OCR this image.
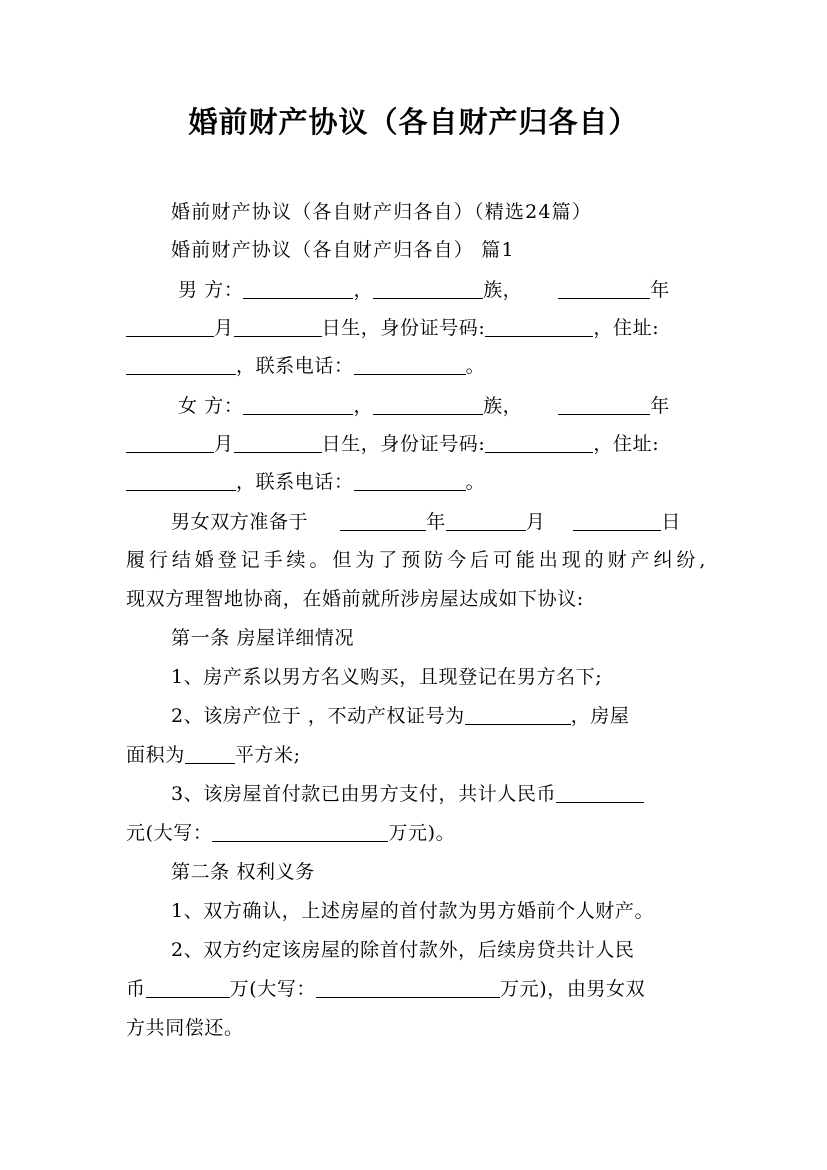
婚前财产协议（各自财产归各自）
婚前财产协议（各自财产归各自）（精选24篇）
婚前财产协议（各自财产归各自） 篇1
男 方：	，	族，	年
月	日生，身份证号码:	，住址:
，联系电话：	。
女 方：	，	族，	年
月	日生，身份证号码:	，住址:
，联系电话：	。
男女双方准备于	年	月	日
履行结婚登记手续。但为了预防今后可能出现的财产纠纷,
现双方理智地协商，在婚前就所涉房屋达成如下协议:
第一条 房屋详细情况
1、房产系以男方名义购买，且现登记在男方名下;
2、该房产位于 ，不动产权证号为	，房屋
面积为	平方米;
3、该房屋首付款已由男方支付，共计人民币
元(大写：	万元)。
第二条 权利义务
1、双方确认，上述房屋的首付款为男方婚前个人财产。
2、双方约定该房屋的除首付款外，后续房贷共计人民
币	万(大写：	万元)，由男女双
方共同偿还。
